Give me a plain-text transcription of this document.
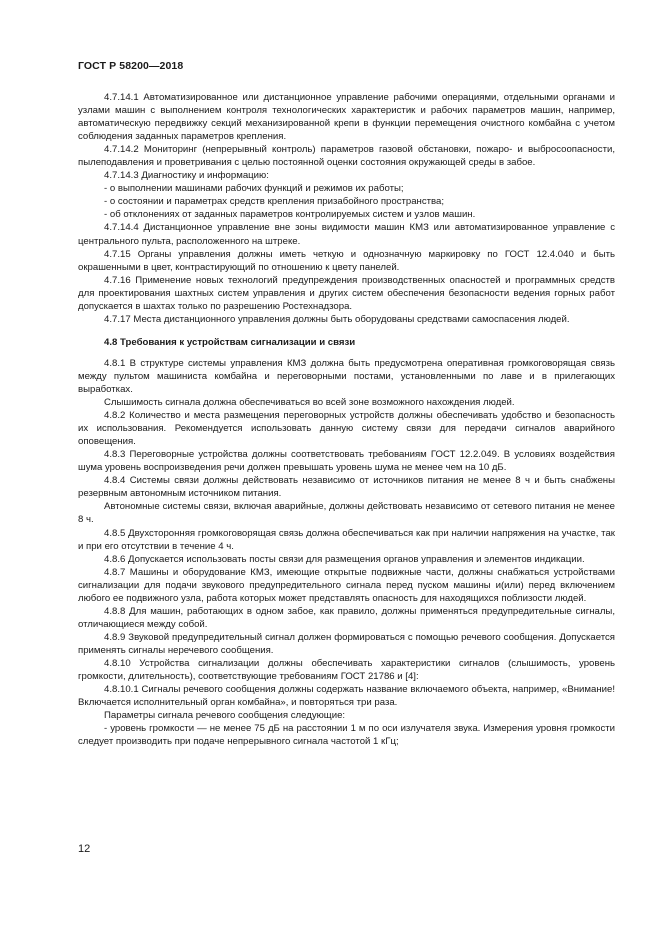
ГОСТ Р 58200—2018

4.7.14.1 Автоматизированное или дистанционное управление рабочими операциями, отдельными органами и узлами машин с выполнением контроля технологических характеристик и рабочих параметров машин, например, автоматическую передвижку секций механизированной крепи в функции перемещения очистного комбайна с учетом соблюдения заданных параметров крепления.

4.7.14.2 Мониторинг (непрерывный контроль) параметров газовой обстановки, пожаро- и выбросоопасности, пылеподавления и проветривания с целью постоянной оценки состояния окружающей среды в забое.

4.7.14.3 Диагностику и информацию:

- о выполнении машинами рабочих функций и режимов их работы;

- о состоянии и параметрах средств крепления призабойного пространства;

- об отклонениях от заданных параметров контролируемых систем и узлов машин.

4.7.14.4 Дистанционное управление вне зоны видимости машин КМЗ или автоматизированное управление с центрального пульта, расположенного на штреке.

4.7.15 Органы управления должны иметь четкую и однозначную маркировку по ГОСТ 12.4.040 и быть окрашенными в цвет, контрастирующий по отношению к цвету панелей.

4.7.16 Применение новых технологий предупреждения производственных опасностей и программных средств для проектирования шахтных систем управления и других систем обеспечения безопасности ведения горных работ допускается в шахтах только по разрешению Ростехнадзора.

4.7.17 Места дистанционного управления должны быть оборудованы средствами самоспасения людей.

4.8 Требования к устройствам сигнализации и связи

4.8.1 В структуре системы управления КМЗ должна быть предусмотрена оперативная громкоговорящая связь между пультом машиниста комбайна и переговорными постами, установленными по лаве и в прилегающих выработках.

Слышимость сигнала должна обеспечиваться во всей зоне возможного нахождения людей.

4.8.2 Количество и места размещения переговорных устройств должны обеспечивать удобство и безопасность их использования. Рекомендуется использовать данную систему связи для передачи сигналов аварийного оповещения.

4.8.3 Переговорные устройства должны соответствовать требованиям ГОСТ 12.2.049. В условиях воздействия шума уровень воспроизведения речи должен превышать уровень шума не менее чем на 10 дБ.

4.8.4 Системы связи должны действовать независимо от источников питания не менее 8 ч и быть снабжены резервным автономным источником питания.

Автономные системы связи, включая аварийные, должны действовать независимо от сетевого питания не менее 8 ч.

4.8.5 Двухсторонняя громкоговорящая связь должна обеспечиваться как при наличии напряжения на участке, так и при его отсутствии в течение 4 ч.

4.8.6 Допускается использовать посты связи для размещения органов управления и элементов индикации.

4.8.7 Машины и оборудование КМЗ, имеющие открытые подвижные части, должны снабжаться устройствами сигнализации для подачи звукового предупредительного сигнала перед пуском машины и(или) перед включением любого ее подвижного узла, работа которых может представлять опасность для находящихся поблизости людей.

4.8.8 Для машин, работающих в одном забое, как правило, должны применяться предупредительные сигналы, отличающиеся между собой.

4.8.9 Звуковой предупредительный сигнал должен формироваться с помощью речевого сообщения. Допускается применять сигналы неречевого сообщения.

4.8.10 Устройства сигнализации должны обеспечивать характеристики сигналов (слышимость, уровень громкости, длительность), соответствующие требованиям ГОСТ 21786 и [4]:

4.8.10.1 Сигналы речевого сообщения должны содержать название включаемого объекта, например, «Внимание! Включается исполнительный орган комбайна», и повторяться три раза.

Параметры сигнала речевого сообщения следующие:

- уровень громкости — не менее 75 дБ на расстоянии 1 м по оси излучателя звука. Измерения уровня громкости следует производить при подаче непрерывного сигнала частотой 1 кГц;

12
